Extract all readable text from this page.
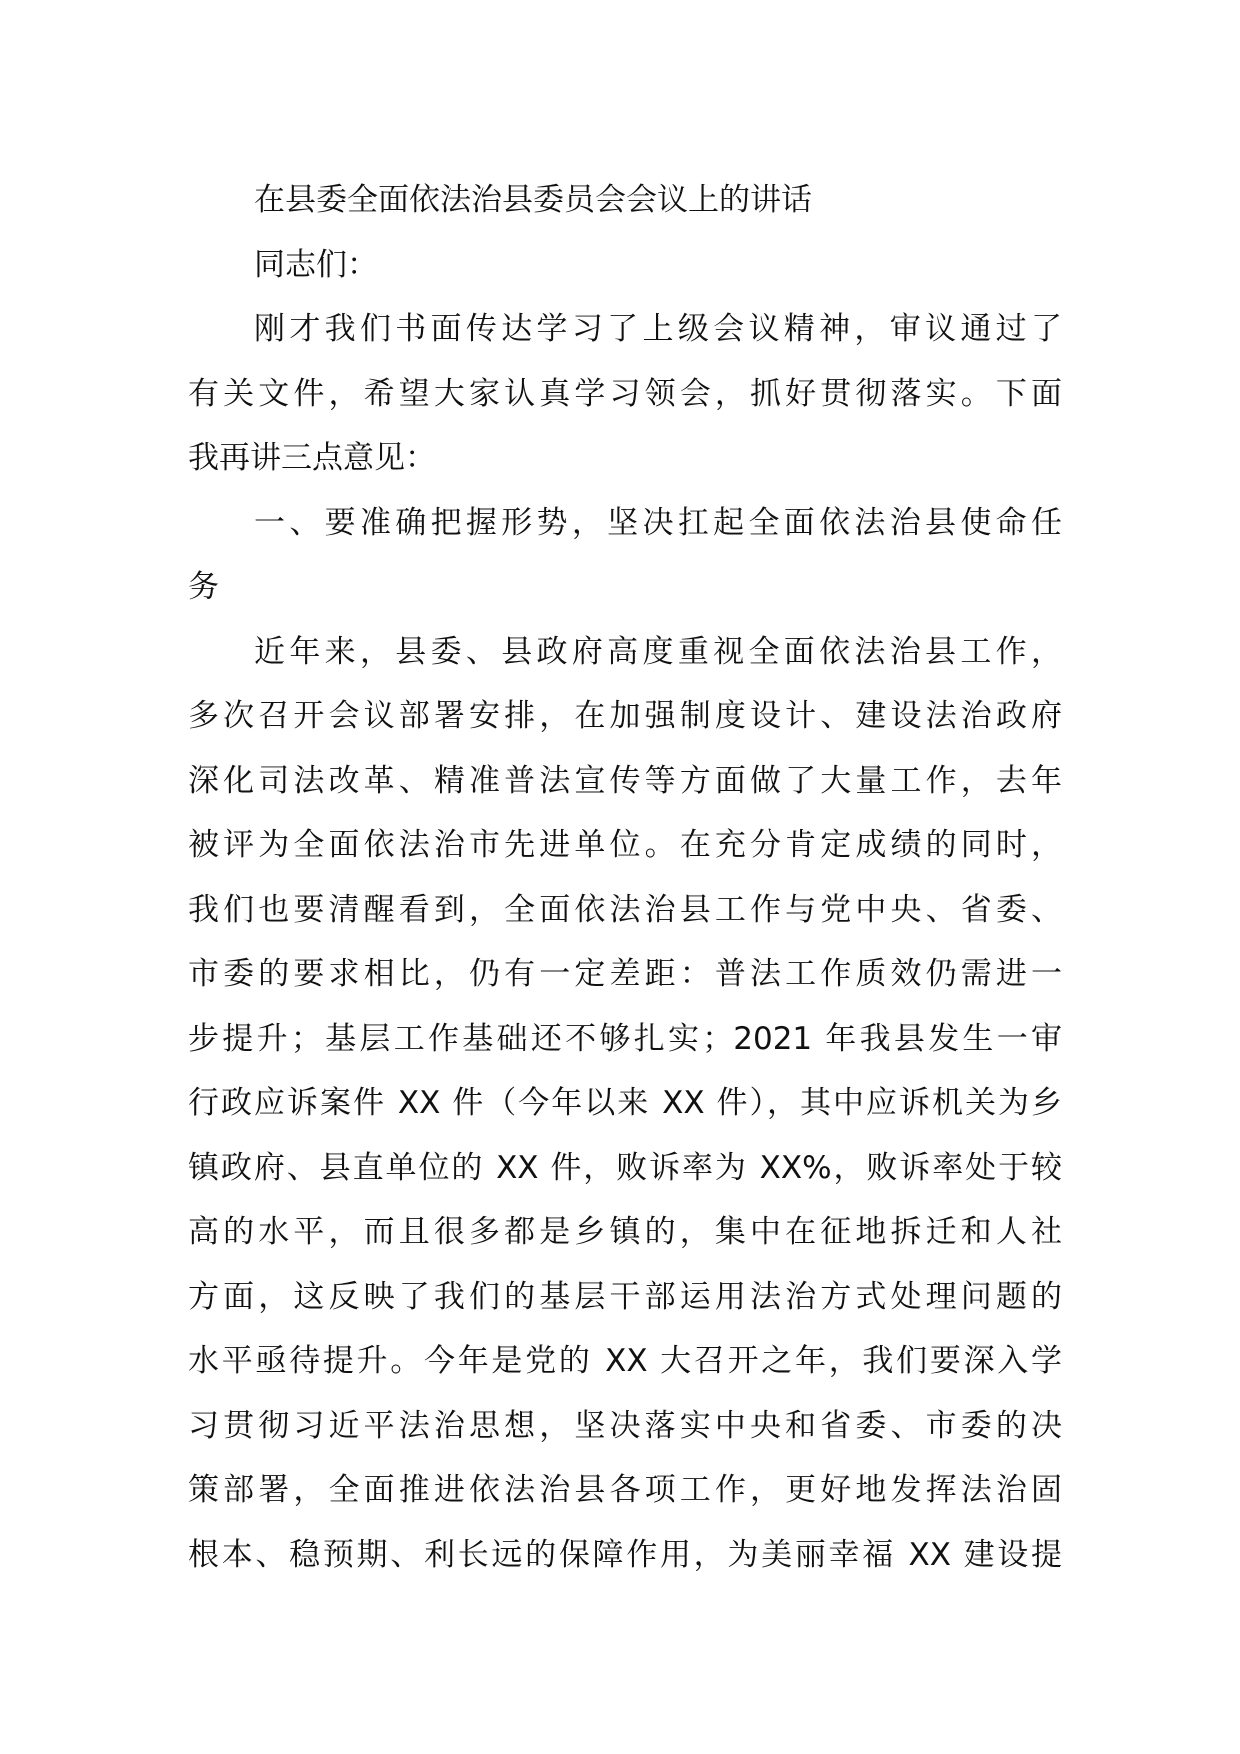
在县委全面依法治县委员会会议上的讲话
同志们：
刚才我们书面传达学习了上级会议精神，审议通过了
有关文件，希望大家认真学习领会，抓好贯彻落实。下面
我再讲三点意见：
一、要准确把握形势，坚决扛起全面依法治县使命任
务
近年来，县委、县政府高度重视全面依法治县工作，
多次召开会议部署安排，在加强制度设计、建设法治政府
深化司法改革、精准普法宣传等方面做了大量工作，去年
被评为全面依法治市先进单位。在充分肯定成绩的同时，
我们也要清醒看到，全面依法治县工作与党中央、省委、
市委的要求相比，仍有一定差距：普法工作质效仍需进一
步提升；基层工作基础还不够扎实；2021 年我县发生一审
行政应诉案件 XX 件（今年以来 XX 件），其中应诉机关为乡
镇政府、县直单位的 XX 件，败诉率为 XX%，败诉率处于较
高的水平，而且很多都是乡镇的，集中在征地拆迁和人社
方面，这反映了我们的基层干部运用法治方式处理问题的
水平亟待提升。今年是党的 XX 大召开之年，我们要深入学
习贯彻习近平法治思想，坚决落实中央和省委、市委的决
策部署，全面推进依法治县各项工作，更好地发挥法治固
根本、稳预期、利长远的保障作用，为美丽幸福 XX 建设提
